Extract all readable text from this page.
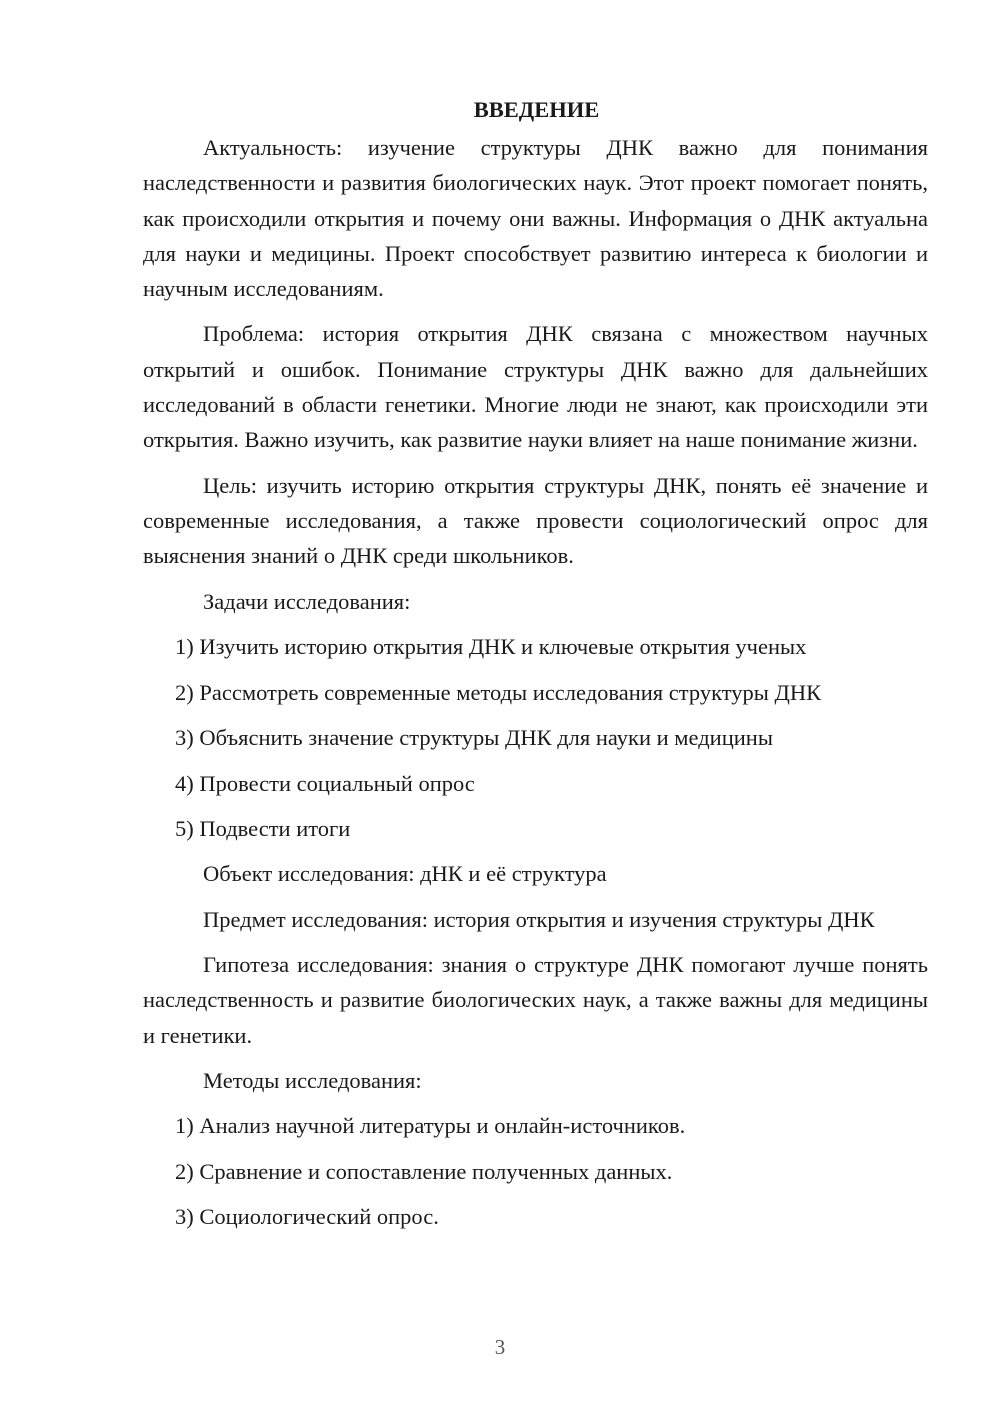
ВВЕДЕНИЕ

Актуальность: изучение структуры ДНК важно для понимания наследственности и развития биологических наук. Этот проект помогает понять, как происходили открытия и почему они важны. Информация о ДНК актуальна для науки и медицины. Проект способствует развитию интереса к биологии и научным исследованиям.

Проблема: история открытия ДНК связана с множеством научных открытий и ошибок. Понимание структуры ДНК важно для дальнейших исследований в области генетики. Многие люди не знают, как происходили эти открытия. Важно изучить, как развитие науки влияет на наше понимание жизни.

Цель: изучить историю открытия структуры ДНК, понять её значение и современные исследования, а также провести социологический опрос для выяснения знаний о ДНК среди школьников.

Задачи исследования:

1) Изучить историю открытия ДНК и ключевые открытия ученых

2) Рассмотреть современные методы исследования структуры ДНК

3) Объяснить значение структуры ДНК для науки и медицины

4) Провести социальный опрос

5) Подвести итоги

Объект исследования: дНК и её структура

Предмет исследования: история открытия и изучения структуры ДНК

Гипотеза исследования: знания о структуре ДНК помогают лучше понять наследственность и развитие биологических наук, а также важны для медицины и генетики.

Методы исследования:

1) Анализ научной литературы и онлайн-источников.

2) Сравнение и сопоставление полученных данных.

3) Социологический опрос.

3
